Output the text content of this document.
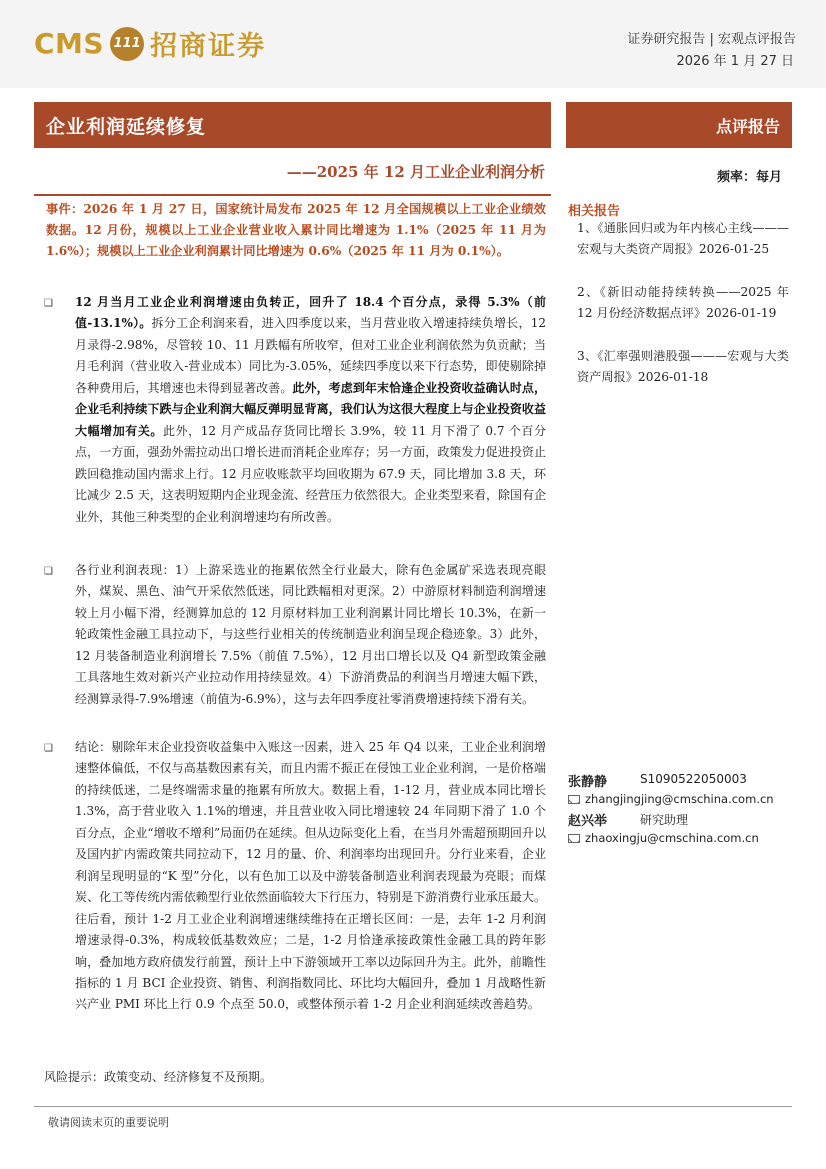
CMS 111 招商证券	证券研究报告 | 宏观点评报告
2026 年 1 月 27 日
企业利润延续修复	点评报告
——2025 年 12 月工业企业利润分析	频率：每月
事件：2026 年 1 月 27 日，国家统计局发布 2025 年 12 月全国规模以上工业企业绩效数据。12 月份，规模以上工业企业营业收入累计同比增速为 1.1%（2025 年 11 月为 1.6%）；规模以上工业企业利润累计同比增速为 0.6%（2025 年 11 月为 0.1%）。
❑ 12 月当月工业企业利润增速由负转正，回升了 18.4 个百分点，录得 5.3%（前值-13.1%）。拆分工企利润来看，进入四季度以来，当月营业收入增速持续负增长，12 月录得-2.98%，尽管较 10、11 月跌幅有所收窄，但对工业企业利润依然为负贡献；当月毛利润（营业收入-营业成本）同比为-3.05%，延续四季度以来下行态势，即使剔除掉各种费用后，其增速也未得到显著改善。此外，考虑到年末恰逢企业投资收益确认时点，企业毛利持续下跌与企业利润大幅反弹明显背离，我们认为这很大程度上与企业投资收益大幅增加有关。此外，12 月产成品存货同比增长 3.9%，较 11 月下滑了 0.7 个百分点，一方面，强劲外需拉动出口增长进而消耗企业库存；另一方面，政策发力促进投资止跌回稳推动国内需求上行。12 月应收账款平均回收期为 67.9 天，同比增加 3.8 天，环比减少 2.5 天，这表明短期内企业现金流、经营压力依然很大。企业类型来看，除国有企业外，其他三种类型的企业利润增速均有所改善。
❑ 各行业利润表现：1）上游采选业的拖累依然全行业最大，除有色金属矿采选表现亮眼外，煤炭、黑色、油气开采依然低迷，同比跌幅相对更深。2）中游原材料制造利润增速较上月小幅下滑，经测算加总的 12 月原材料加工业利润累计同比增长 10.3%，在新一轮政策性金融工具拉动下，与这些行业相关的传统制造业利润呈现企稳迹象。3）此外，12 月装备制造业利润增长 7.5%（前值 7.5%），12 月出口增长以及 Q4 新型政策金融工具落地生效对新兴产业拉动作用持续显效。4）下游消费品的利润当月增速大幅下跌，经测算录得-7.9%增速（前值为-6.9%），这与去年四季度社零消费增速持续下滑有关。
❑ 结论：剔除年末企业投资收益集中入账这一因素，进入 25 年 Q4 以来，工业企业利润增速整体偏低，不仅与高基数因素有关，而且内需不振正在侵蚀工业企业利润，一是价格端的持续低迷，二是终端需求量的拖累有所放大。数据上看，1-12 月，营业成本同比增长 1.3%，高于营业收入 1.1%的增速，并且营业收入同比增速较 24 年同期下滑了 1.0 个百分点，企业“增收不增利”局面仍在延续。但从边际变化上看，在当月外需超预期回升以及国内扩内需政策共同拉动下，12 月的量、价、利润率均出现回升。分行业来看，企业利润呈现明显的“K 型”分化，以有色加工以及中游装备制造业利润表现最为亮眼；而煤炭、化工等传统内需依赖型行业依然面临较大下行压力，特别是下游消费行业承压最大。往后看，预计 1-2 月工业企业利润增速继续维持在正增长区间：一是，去年 1-2 月利润增速录得-0.3%，构成较低基数效应；二是，1-2 月恰逢承接政策性金融工具的跨年影响，叠加地方政府债发行前置，预计上中下游领域开工率以边际回升为主。此外，前瞻性指标的 1 月 BCI 企业投资、销售、利润指数同比、环比均大幅回升，叠加 1 月战略性新兴产业 PMI 环比上行 0.9 个点至 50.0，或整体预示着 1-2 月企业利润延续改善趋势。
风险提示：政策变动、经济修复不及预期。
相关报告
1、《通胀回归或为年内核心主线———宏观与大类资产周报》2026-01-25
2、《新旧动能持续转换——2025 年 12 月份经济数据点评》2026-01-19
3、《汇率强则港股强———宏观与大类资产周报》2026-01-18
张静静	S1090522050003
zhangjingjing@cmschina.com.cn
赵兴举	研究助理
zhaoxingju@cmschina.com.cn
敬请阅读末页的重要说明
